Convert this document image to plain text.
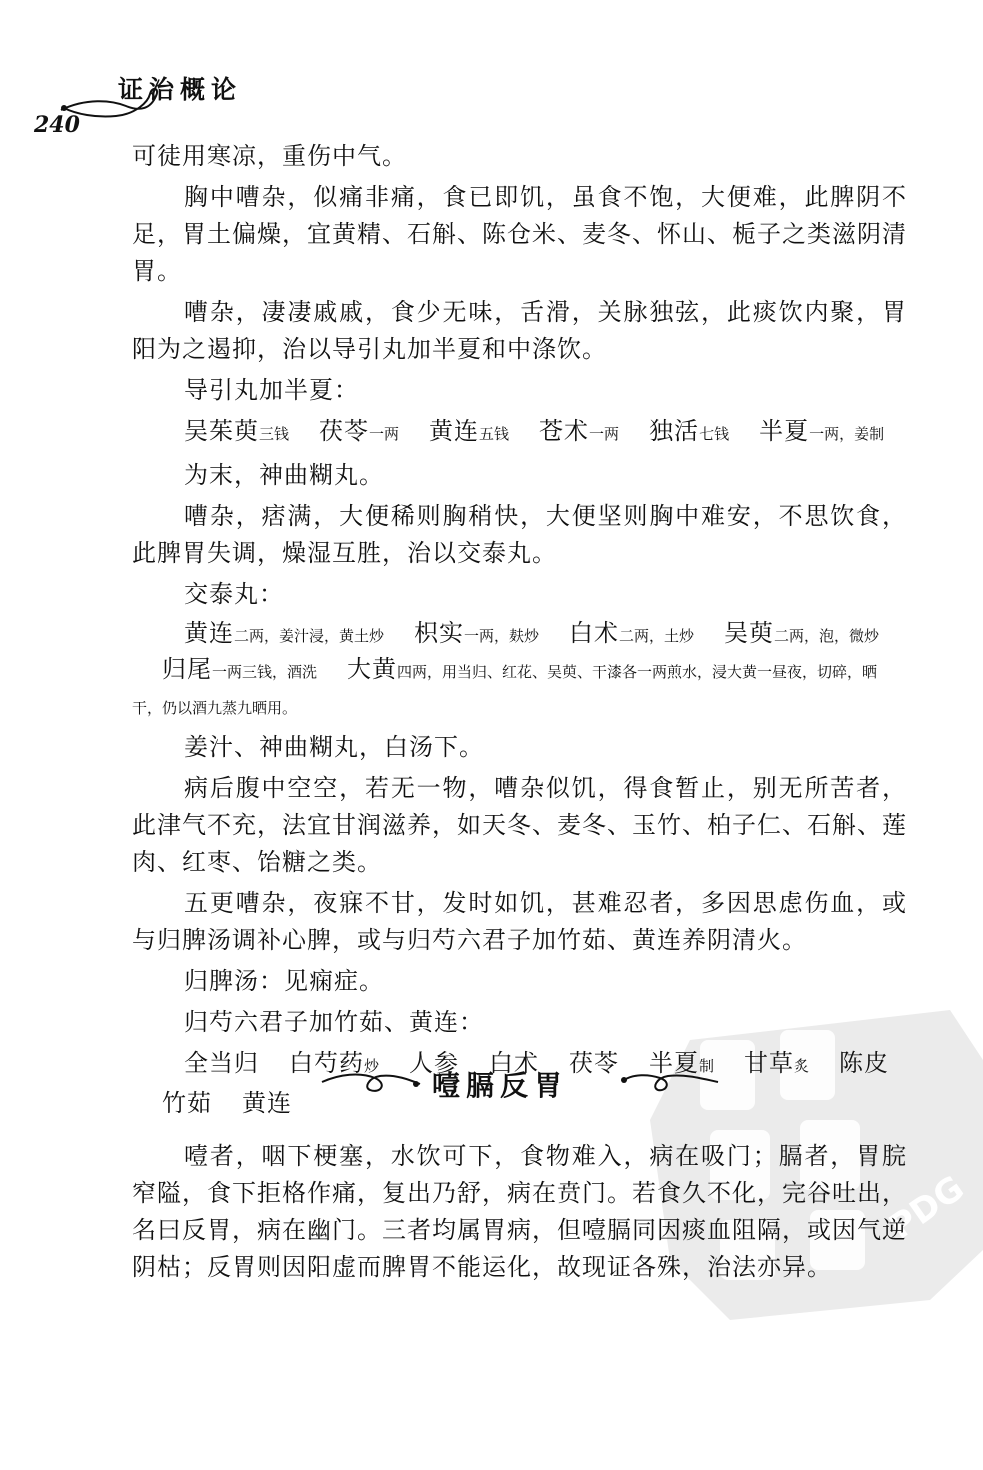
证治概论
240
PDG

可徒用寒凉，重伤中气。

胸中嘈杂，似痛非痛，食已即饥，虽食不饱，大便难，此脾阴不足，胃土偏燥，宜黄精、石斛、陈仓米、麦冬、怀山、栀子之类滋阴清胃。

嘈杂，凄凄戚戚，食少无味，舌滑，关脉独弦，此痰饮内聚，胃阳为之遏抑，治以导引丸加半夏和中涤饮。

导引丸加半夏：

吴茱萸三钱 茯苓一两 黄连五钱 苍术一两 独活七钱 半夏一两，姜制

为末，神曲糊丸。

嘈杂，痞满，大便稀则胸稍快，大便坚则胸中难安，不思饮食，此脾胃失调，燥湿互胜，治以交泰丸。

交泰丸：

黄连二两，姜汁浸，黄土炒 枳实一两，麸炒 白术二两，土炒 吴萸二两，泡，微炒归尾一两三钱，酒洗 大黄四两，用当归、红花、吴萸、干漆各一两煎水，浸大黄一昼夜，切碎，晒干，仍以酒九蒸九晒用。

姜汁、神曲糊丸，白汤下。

病后腹中空空，若无一物，嘈杂似饥，得食暂止，别无所苦者，此津气不充，法宜甘润滋养，如天冬、麦冬、玉竹、柏子仁、石斛、莲肉、红枣、饴糖之类。

五更嘈杂，夜寐不甘，发时如饥，甚难忍者，多因思虑伤血，或与归脾汤调补心脾，或与归芍六君子加竹茹、黄连养阴清火。

归脾汤：见痫症。

归芍六君子加竹茹、黄连：

全当归 白芍药炒 人参 白术 茯苓 半夏制 甘草炙 陈皮竹茹 黄连

噎膈反胃

噎者，咽下梗塞，水饮可下，食物难入，病在吸门；膈者，胃脘窄隘，食下拒格作痛，复出乃舒，病在贲门。若食久不化，完谷吐出，名曰反胃，病在幽门。三者均属胃病，但噎膈同因痰血阻隔，或因气逆阴枯；反胃则因阳虚而脾胃不能运化，故现证各殊，治法亦异。
